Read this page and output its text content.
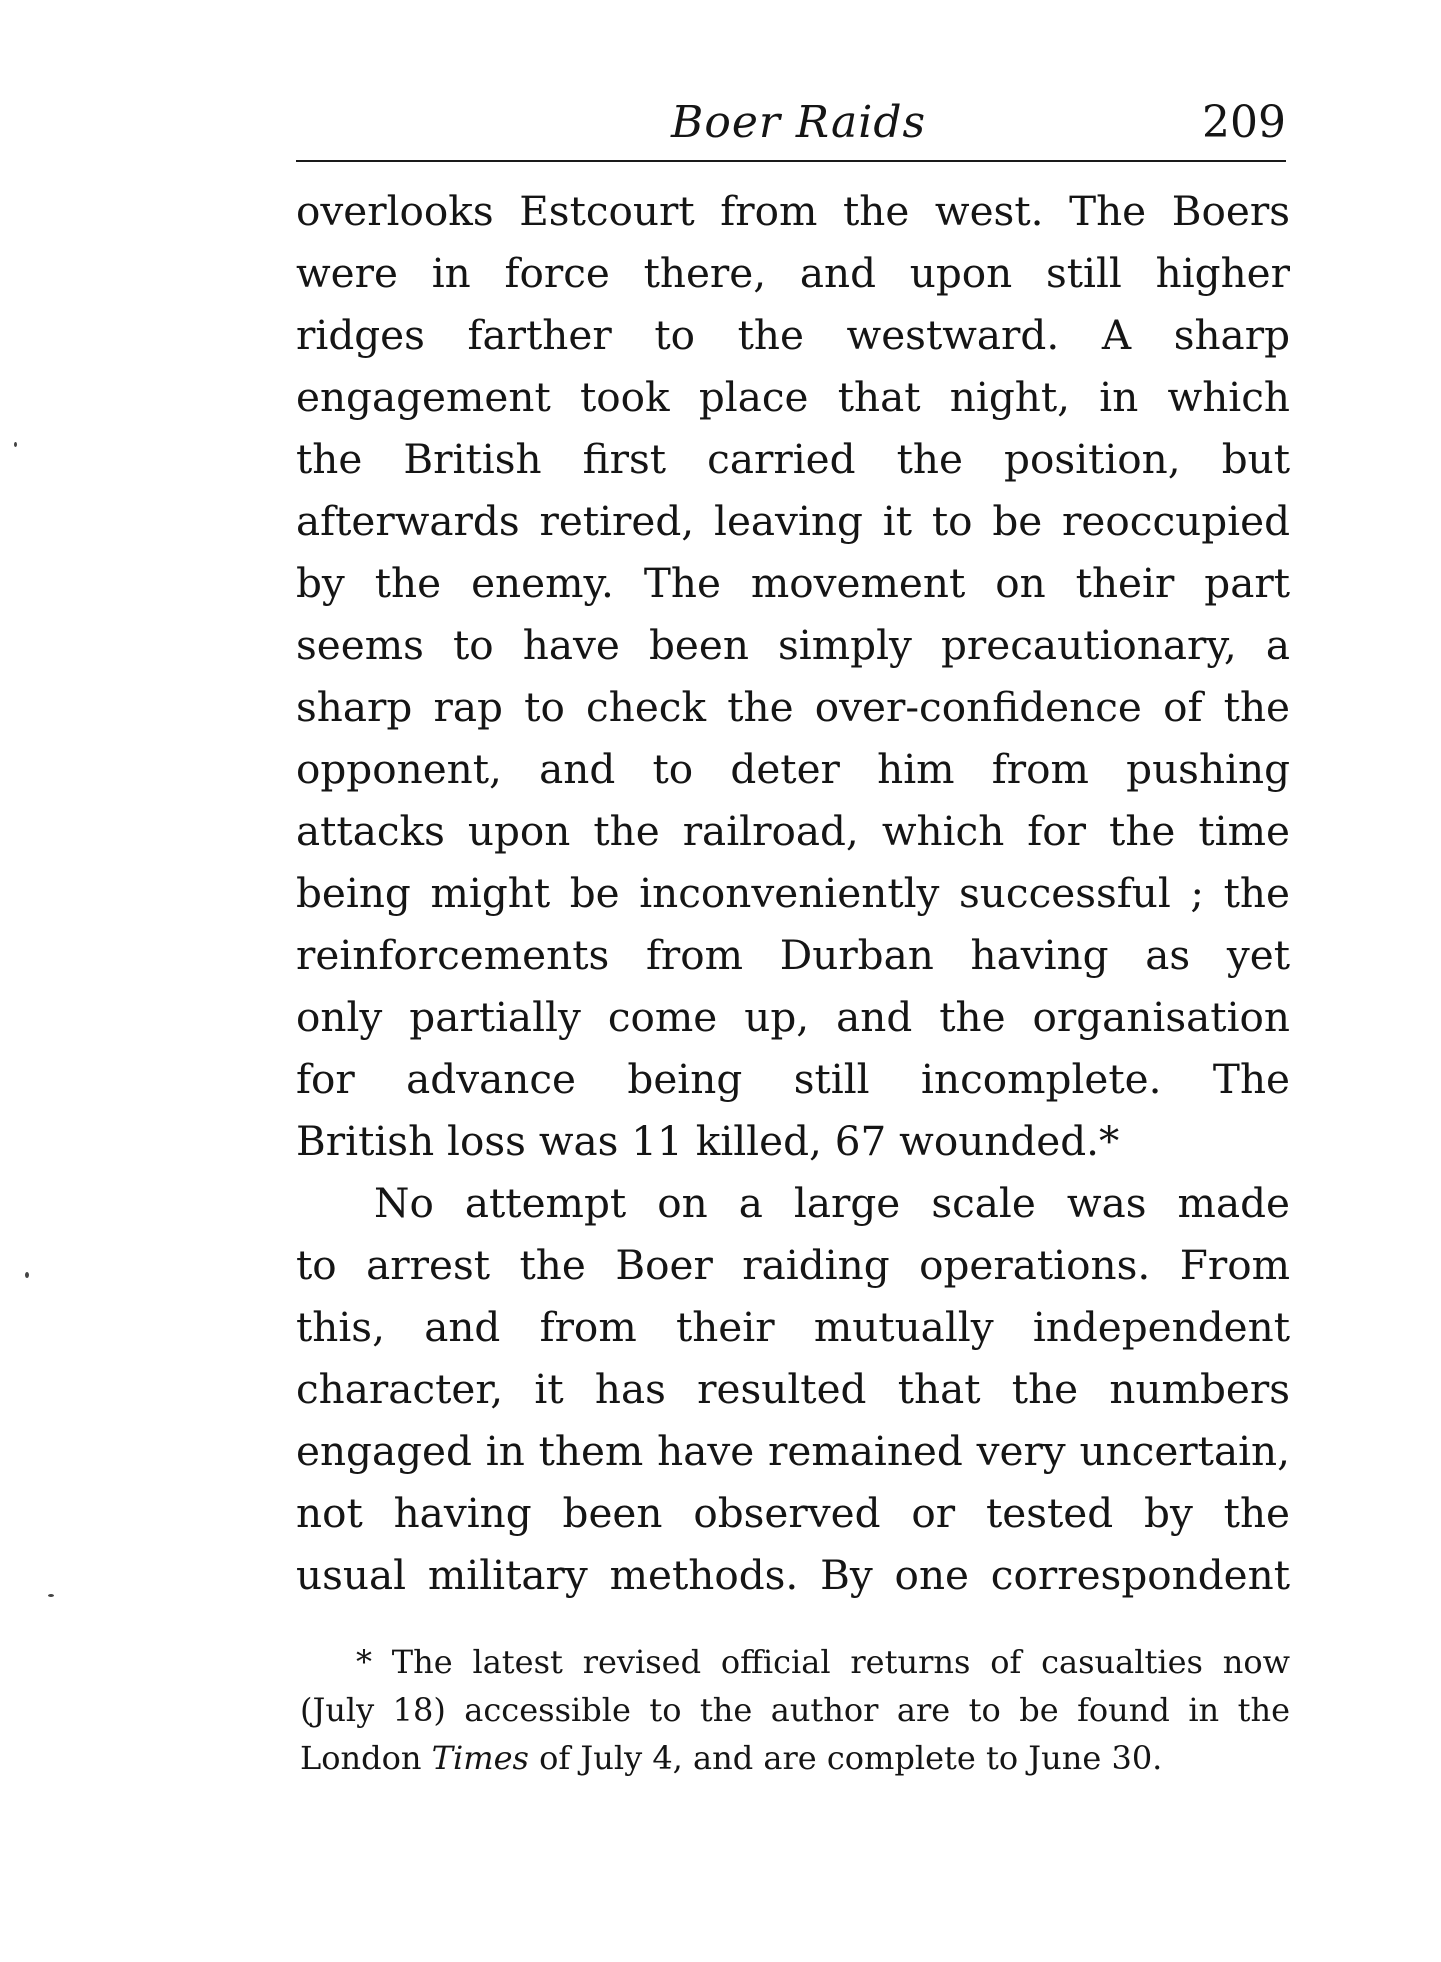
Boer Raids	209
overlooks Estcourt from the west. The Boers
were in force there, and upon still higher
ridges farther to the westward. A sharp
engagement took place that night, in which
the British first carried the position, but
afterwards retired, leaving it to be reoccupied
by the enemy. The movement on their part
seems to have been simply precautionary, a
sharp rap to check the over-confidence of the
opponent, and to deter him from pushing
attacks upon the railroad, which for the time
being might be inconveniently successful ; the
reinforcements from Durban having as yet
only partially come up, and the organisation
for advance being still incomplete. The
British loss was 11 killed, 67 wounded.*
No attempt on a large scale was made
to arrest the Boer raiding operations. From
this, and from their mutually independent
character, it has resulted that the numbers
engaged in them have remained very uncertain,
not having been observed or tested by the
usual military methods. By one correspondent
* The latest revised official returns of casualties now
(July 18) accessible to the author are to be found in the
London Times of July 4, and are complete to June 30.
